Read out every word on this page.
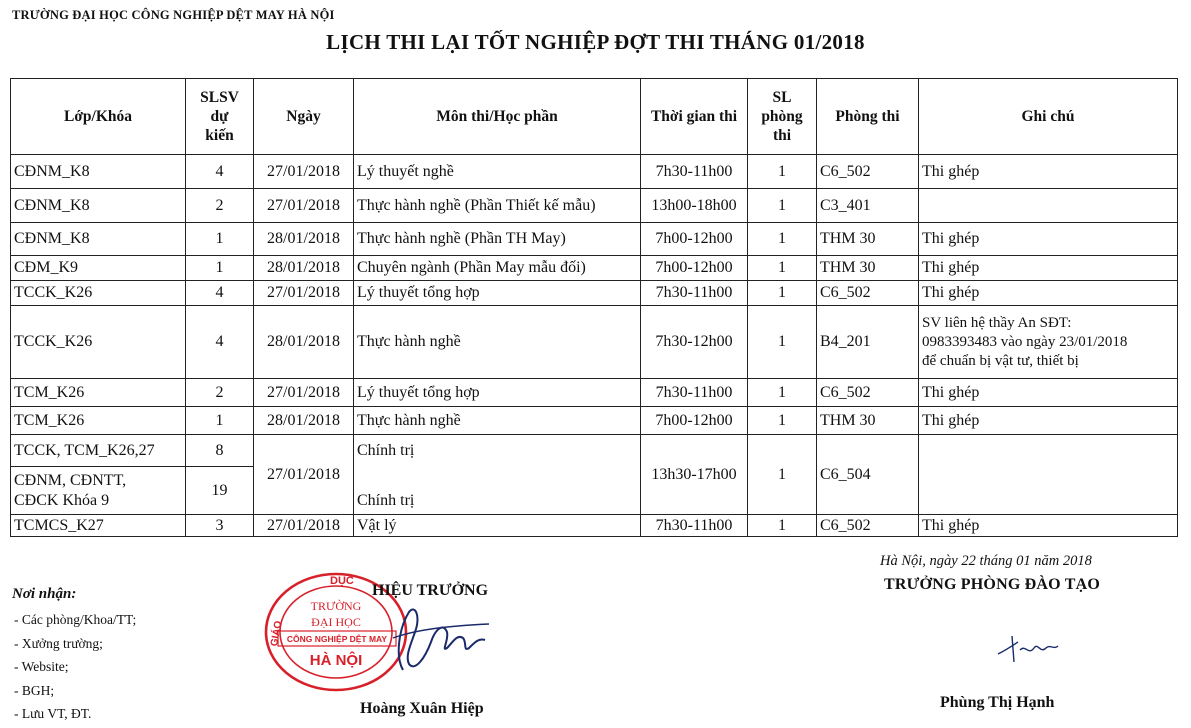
TRƯỜNG ĐẠI HỌC CÔNG NGHIỆP DỆT MAY HÀ NỘI
LỊCH THI LẠI TỐT NGHIỆP ĐỢT THI THÁNG 01/2018
Lớp/Khóa	SLSV
dự
kiến	Ngày	Môn thi/Học phần	Thời gian thi	SL
phòng
thi	Phòng thi	Ghi chú
CĐNM_K8	4	27/01/2018	Lý thuyết nghề	7h30-11h00	1	C6_502	Thi ghép
CĐNM_K8	2	27/01/2018	Thực hành nghề (Phần Thiết kế mẫu)	13h00-18h00	1	C3_401	
CĐNM_K8	1	28/01/2018	Thực hành nghề (Phần TH May)	7h00-12h00	1	THM 30	Thi ghép
CĐM_K9	1	28/01/2018	Chuyên ngành (Phần May mẫu đối)	7h00-12h00	1	THM 30	Thi ghép
TCCK_K26	4	27/01/2018	Lý thuyết tổng hợp	7h30-11h00	1	C6_502	Thi ghép
TCCK_K26	4	28/01/2018	Thực hành nghề	7h30-12h00	1	B4_201	SV liên hệ thầy An SĐT:
0983393483 vào ngày 23/01/2018
để chuẩn bị vật tư, thiết bị

TCM_K26	2	27/01/2018	Lý thuyết tổng hợp	7h30-11h00	1	C6_502	Thi ghép
TCM_K26	1	28/01/2018	Thực hành nghề	7h00-12h00	1	THM 30	Thi ghép
TCCK, TCM_K26,27	8	27/01/2018	Chính trị	13h30-17h00	1	C6_504	

CĐNM, CĐNTT,
CĐCK Khóa 9	19		Chính trị				
TCMCS_K27	3	27/01/2018	Vật lý	7h30-11h00	1	C6_502	Thi ghép
Hà Nội, ngày 22 tháng 01 năm 2018
TRƯỞNG PHÒNG ĐÀO TẠO
Phùng Thị Hạnh
DỤC
GIÁO
TRƯỜNG
ĐẠI HỌC
CÔNG NGHIỆP DỆT MAY
HÀ NỘI
HIỆU TRƯỞNG
Hoàng Xuân Hiệp
Nơi nhận:
- Các phòng/Khoa/TT;
- Xưởng trường;
- Website;
- BGH;
- Lưu VT, ĐT.
